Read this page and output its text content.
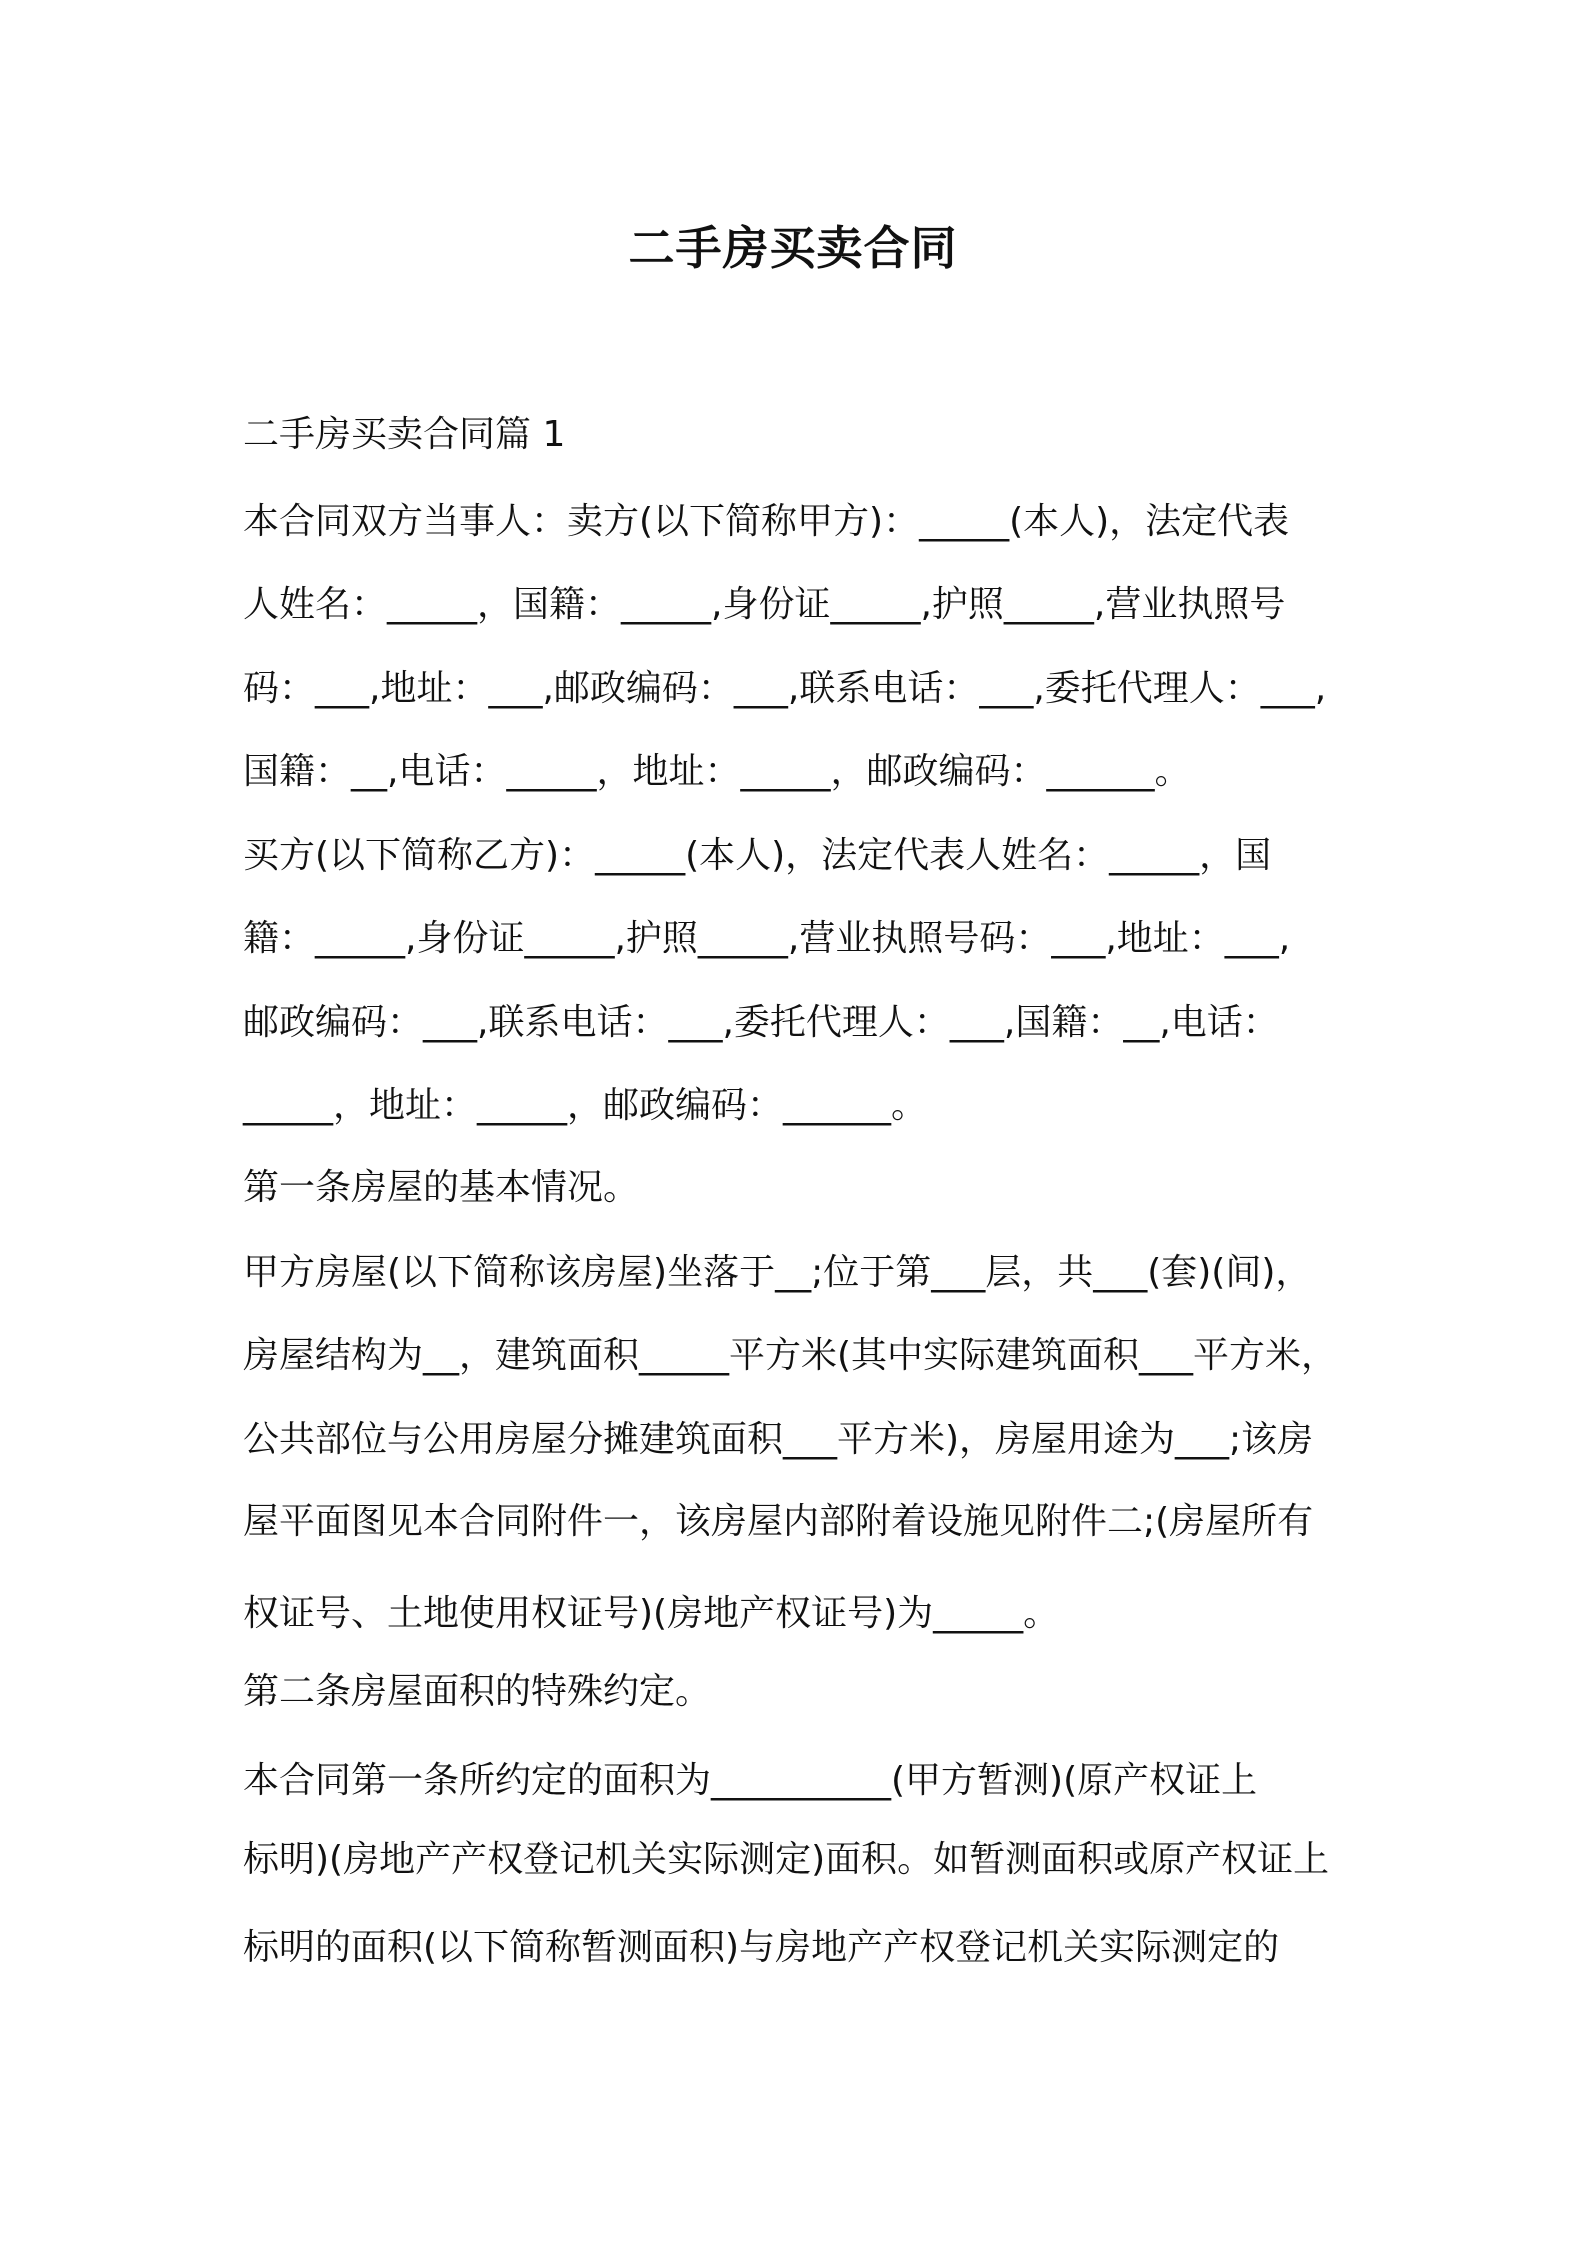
二手房买卖合同
二手房买卖合同篇 1

本合同双方当事人：卖方(以下简称甲方)：_____(本人)，法定代表

人姓名：_____，国籍：_____,身份证_____,护照_____,营业执照号

码：___,地址：___,邮政编码：___,联系电话：___,委托代理人：___,

国籍：__,电话：_____，地址：_____，邮政编码：______。

买方(以下简称乙方)：_____(本人)，法定代表人姓名：_____，国

籍：_____,身份证_____,护照_____,营业执照号码：___,地址：___,

邮政编码：___,联系电话：___,委托代理人：___,国籍：__,电话：

_____，地址：_____，邮政编码：______。

第一条房屋的基本情况。

甲方房屋(以下简称该房屋)坐落于__;位于第___层，共___(套)(间)，

房屋结构为__，建筑面积_____平方米(其中实际建筑面积___平方米，

公共部位与公用房屋分摊建筑面积___平方米)，房屋用途为___;该房

屋平面图见本合同附件一，该房屋内部附着设施见附件二;(房屋所有

权证号、土地使用权证号)(房地产权证号)为_____。

第二条房屋面积的特殊约定。

本合同第一条所约定的面积为__________(甲方暂测)(原产权证上

标明)(房地产产权登记机关实际测定)面积。如暂测面积或原产权证上

标明的面积(以下简称暂测面积)与房地产产权登记机关实际测定的
